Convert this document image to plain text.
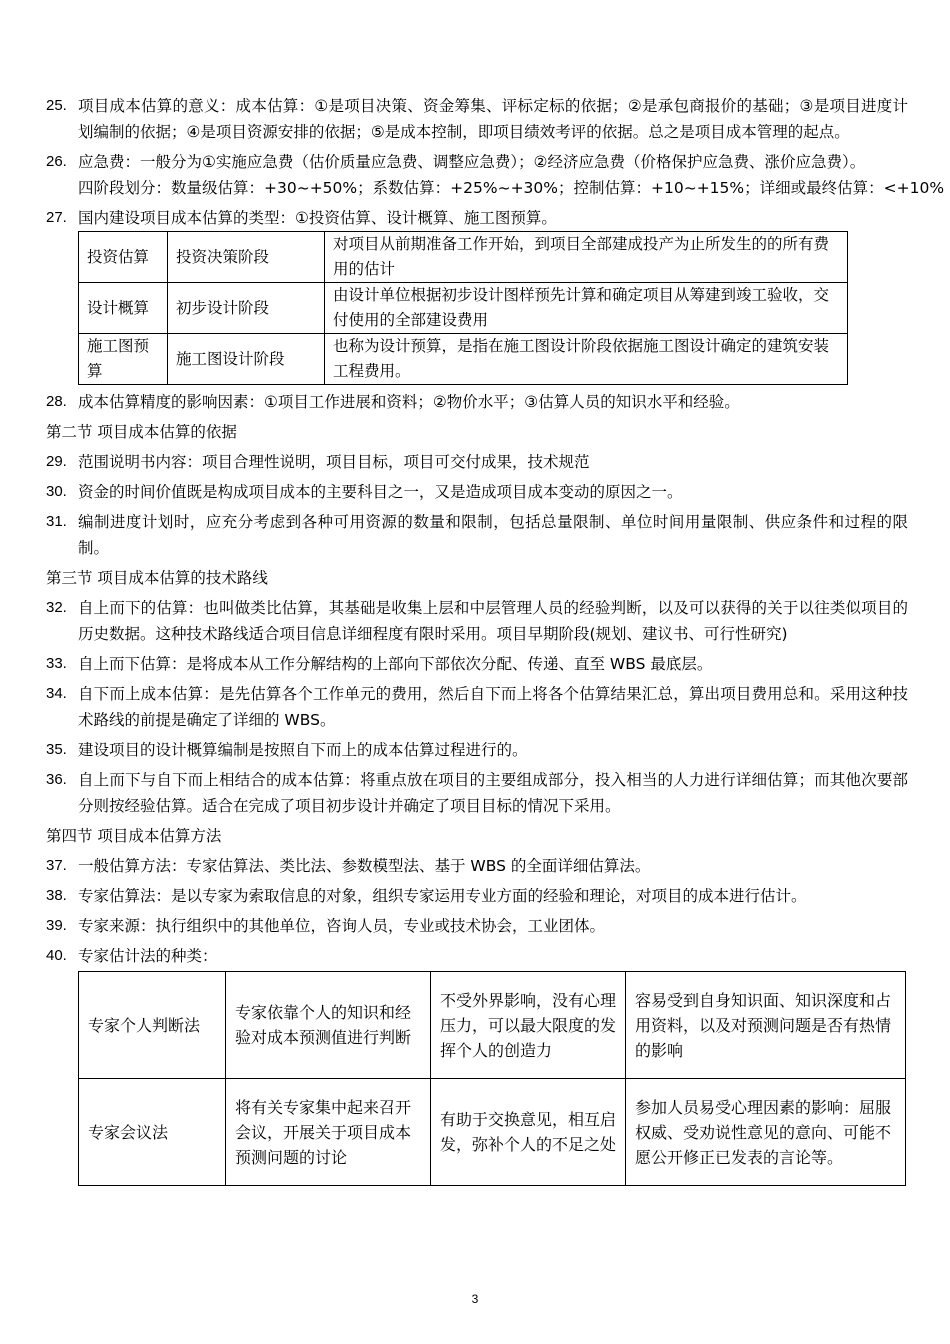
25. 项目成本估算的意义：成本估算：①是项目决策、资金筹集、评标定标的依据；②是承包商报价的基础；③是项目进度计划编制的依据；④是项目资源安排的依据；⑤是成本控制，即项目绩效考评的依据。总之是项目成本管理的起点。
26. 应急费：一般分为①实施应急费（估价质量应急费、调整应急费）；②经济应急费（价格保护应急费、涨价应急费）。
四阶段划分：数量级估算：+30~+50%；系数估算：+25%~+30%；控制估算：+10~+15%；详细或最终估算：<+10%
27. 国内建设项目成本估算的类型：①投资估算、设计概算、施工图预算。
投资估算	投资决策阶段	对项目从前期准备工作开始，到项目全部建成投产为止所发生的的所有费用的估计
设计概算	初步设计阶段	由设计单位根据初步设计图样预先计算和确定项目从筹建到竣工验收，交付使用的全部建设费用
施工图预算	施工图设计阶段	也称为设计预算，是指在施工图设计阶段依据施工图设计确定的建筑安装工程费用。
28. 成本估算精度的影响因素：①项目工作进展和资料；②物价水平；③估算人员的知识水平和经验。
第二节 项目成本估算的依据
29. 范围说明书内容：项目合理性说明，项目目标，项目可交付成果，技术规范
30. 资金的时间价值既是构成项目成本的主要科目之一，又是造成项目成本变动的原因之一。
31. 编制进度计划时，应充分考虑到各种可用资源的数量和限制，包括总量限制、单位时间用量限制、供应条件和过程的限制。
第三节 项目成本估算的技术路线
32. 自上而下的估算：也叫做类比估算，其基础是收集上层和中层管理人员的经验判断，以及可以获得的关于以往类似项目的历史数据。这种技术路线适合项目信息详细程度有限时采用。项目早期阶段(规划、建议书、可行性研究)
33. 自上而下估算：是将成本从工作分解结构的上部向下部依次分配、传递、直至 WBS 最底层。
34. 自下而上成本估算：是先估算各个工作单元的费用，然后自下而上将各个估算结果汇总，算出项目费用总和。采用这种技术路线的前提是确定了详细的 WBS。
35. 建设项目的设计概算编制是按照自下而上的成本估算过程进行的。
36. 自上而下与自下而上相结合的成本估算：将重点放在项目的主要组成部分，投入相当的人力进行详细估算；而其他次要部分则按经验估算。适合在完成了项目初步设计并确定了项目目标的情况下采用。
第四节 项目成本估算方法
37. 一般估算方法：专家估算法、类比法、参数模型法、基于 WBS 的全面详细估算法。
38. 专家估算法：是以专家为索取信息的对象，组织专家运用专业方面的经验和理论，对项目的成本进行估计。
39. 专家来源：执行组织中的其他单位，咨询人员，专业或技术协会，工业团体。
40. 专家估计法的种类：
专家个人判断法	专家依靠个人的知识和经验对成本预测值进行判断	不受外界影响，没有心理压力，可以最大限度的发挥个人的创造力	容易受到自身知识面、知识深度和占用资料，以及对预测问题是否有热情的影响
专家会议法	将有关专家集中起来召开会议，开展关于项目成本预测问题的讨论	有助于交换意见，相互启发，弥补个人的不足之处	参加人员易受心理因素的影响：屈服权威、受劝说性意见的意向、可能不愿公开修正已发表的言论等。
3
